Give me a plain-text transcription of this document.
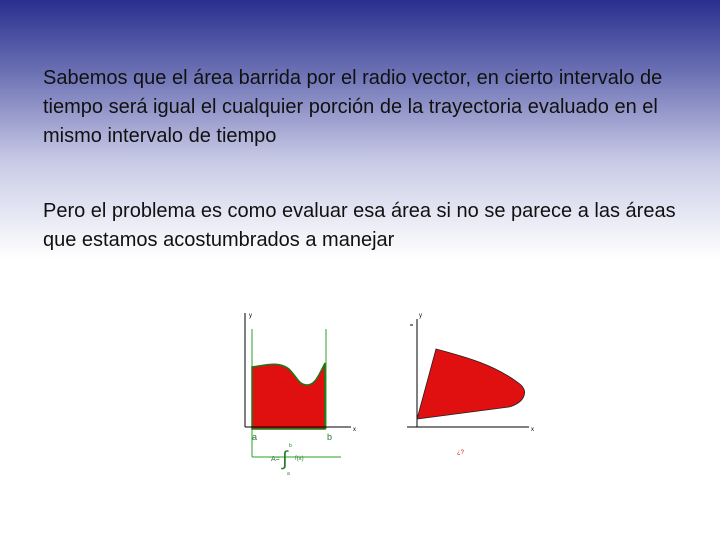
Sabemos que el área barrida por el radio vector, en cierto intervalo de tiempo será igual el cualquier porción de la trayectoria evaluado en el mismo intervalo de tiempo

Pero el problema es como evaluar esa área si no se parece a las áreas que estamos acostumbrados a manejar

y
x
a	b
A= ∫
b
a
f(x)
y
x
¿?
